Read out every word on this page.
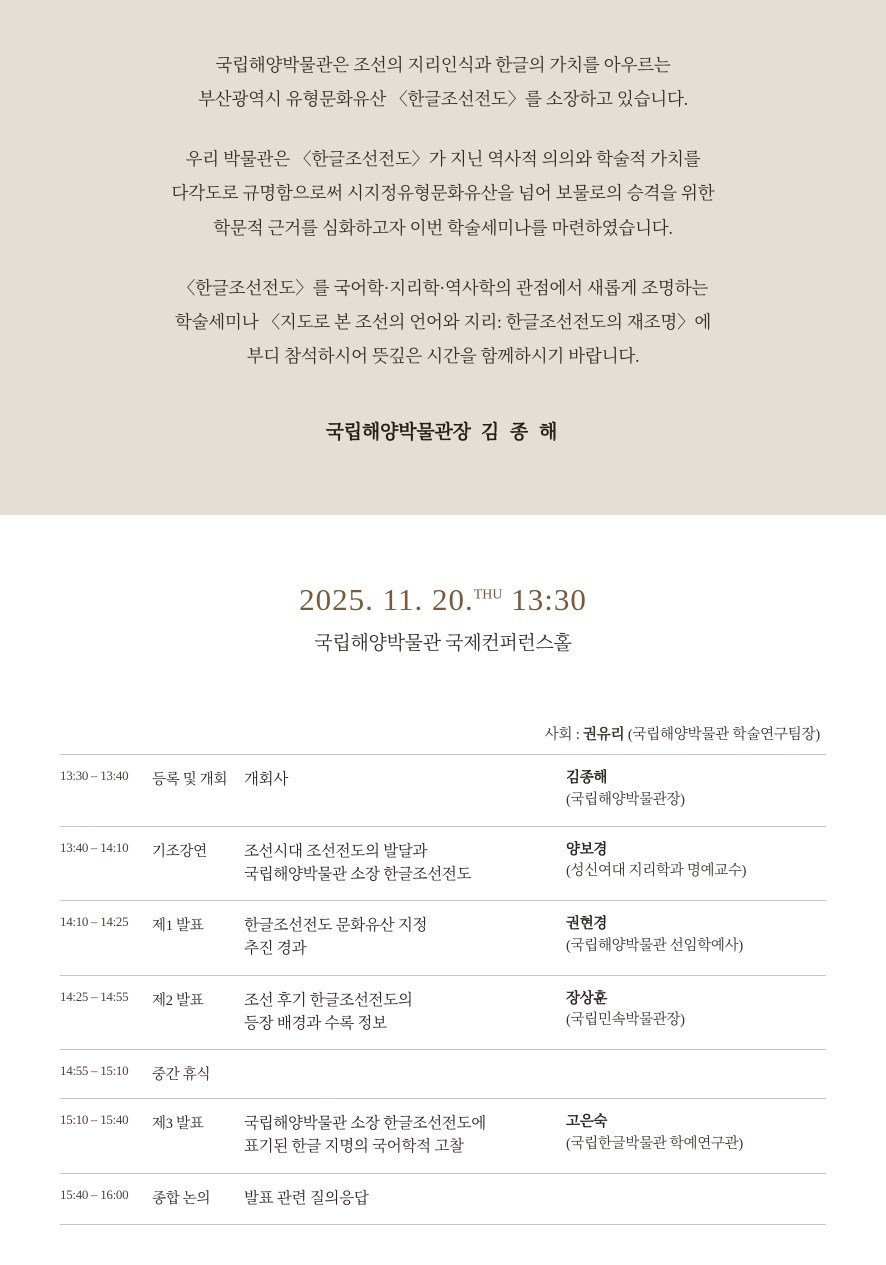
국립해양박물관은 조선의 지리인식과 한글의 가치를 아우르는
부산광역시 유형문화유산 〈한글조선전도〉를 소장하고 있습니다.

우리 박물관은 〈한글조선전도〉가 지닌 역사적 의의와 학술적 가치를
다각도로 규명함으로써 시지정유형문화유산을 넘어 보물로의 승격을 위한
학문적 근거를 심화하고자 이번 학술세미나를 마련하였습니다.

〈한글조선전도〉를 국어학·지리학·역사학의 관점에서 새롭게 조명하는
학술세미나 〈지도로 본 조선의 언어와 지리: 한글조선전도의 재조명〉에
부디 참석하시어 뜻깊은 시간을 함께하시기 바랍니다.

국립해양박물관장 김 종 해
2025. 11. 20.$^{THU}$ 13:30
국립해양박물관 국제컨퍼런스홀
사회 : 권유리 (국립해양박물관 학술연구팀장)
13:30 – 13:40	등록 및 개회	개회사	김종해
(국립해양박물관장)

13:40 – 14:10	기조강연	조선시대 조선전도의 발달과
국립해양박물관 소장 한글조선전도	양보경
(성신여대 지리학과 명예교수)

14:10 – 14:25	제1 발표	한글조선전도 문화유산 지정
추진 경과	권현경
(국립해양박물관 선임학예사)

14:25 – 14:55	제2 발표	조선 후기 한글조선전도의
등장 배경과 수록 정보	장상훈
(국립민속박물관장)

14:55 – 15:10	중간 휴식		

15:10 – 15:40	제3 발표	국립해양박물관 소장 한글조선전도에
표기된 한글 지명의 국어학적 고찰	고은숙
(국립한글박물관 학예연구관)

15:40 – 16:00	종합 논의	발표 관련 질의응답	
